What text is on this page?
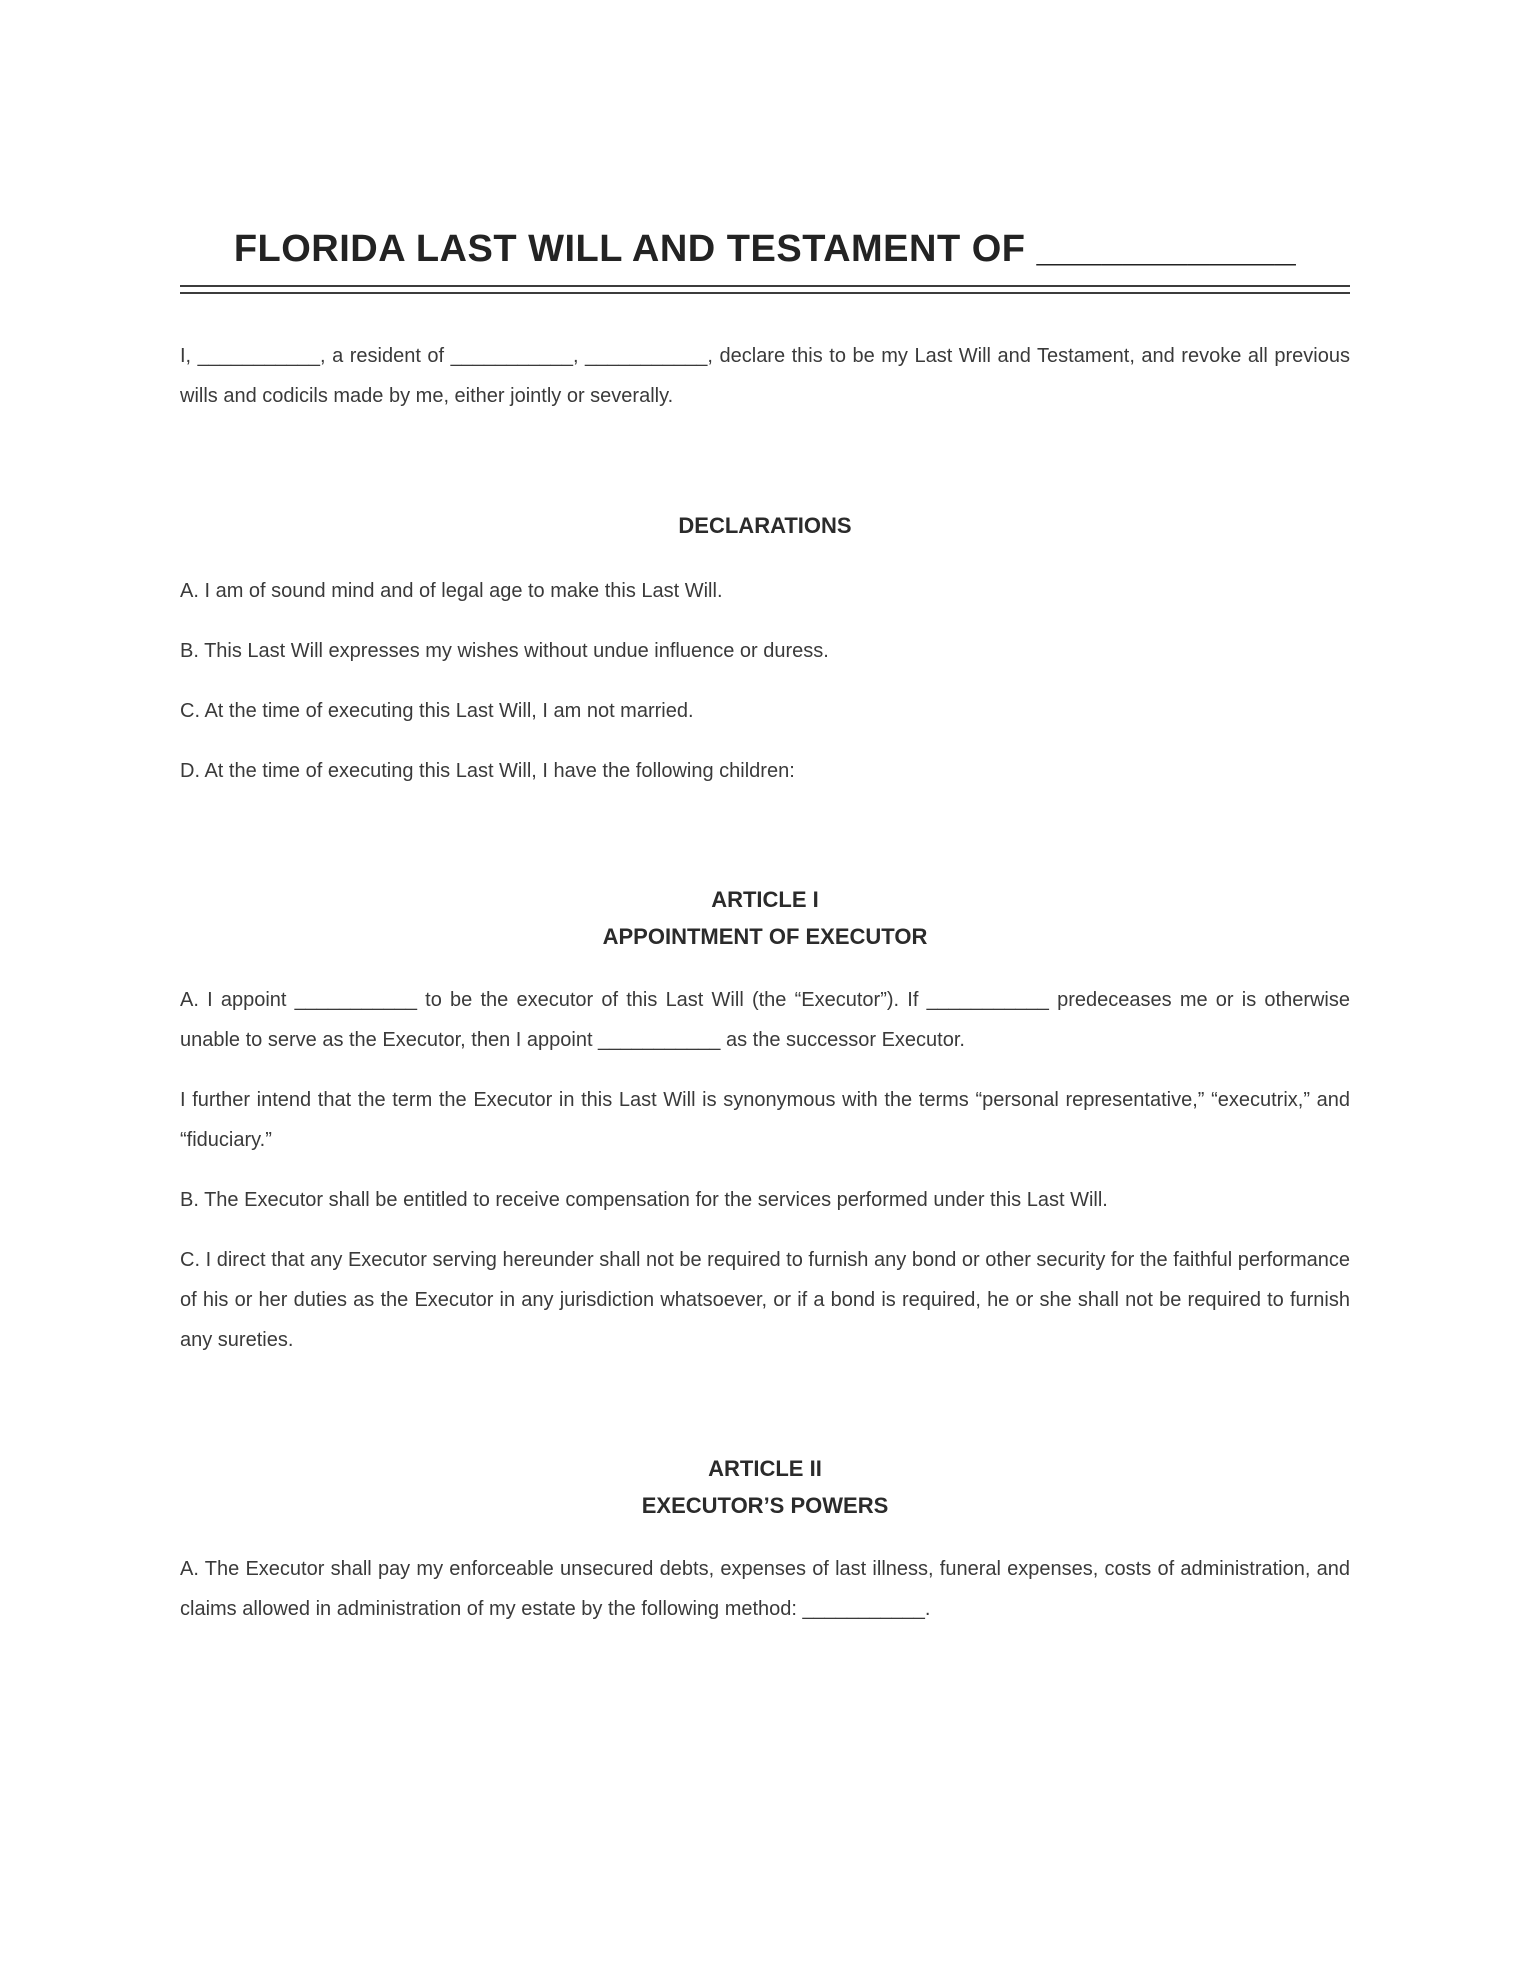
FLORIDA LAST WILL AND TESTAMENT OF ____________

I, ___________, a resident of ___________, ___________, declare this to be my Last Will and Testament, and revoke all previous wills and codicils made by me, either jointly or severally.

DECLARATIONS

A. I am of sound mind and of legal age to make this Last Will.

B. This Last Will expresses my wishes without undue influence or duress.

C. At the time of executing this Last Will, I am not married.

D. At the time of executing this Last Will, I have the following children:

ARTICLE I
APPOINTMENT OF EXECUTOR

A. I appoint ___________ to be the executor of this Last Will (the “Executor”). If ___________ predeceases me or is otherwise unable to serve as the Executor, then I appoint ___________ as the successor Executor.

I further intend that the term the Executor in this Last Will is synonymous with the terms “personal representative,” “executrix,” and “fiduciary.”

B. The Executor shall be entitled to receive compensation for the services performed under this Last Will.

C. I direct that any Executor serving hereunder shall not be required to furnish any bond or other security for the faithful performance of his or her duties as the Executor in any jurisdiction whatsoever, or if a bond is required, he or she shall not be required to furnish any sureties.

ARTICLE II
EXECUTOR’S POWERS

A. The Executor shall pay my enforceable unsecured debts, expenses of last illness, funeral expenses, costs of administration, and claims allowed in administration of my estate by the following method: ___________.
